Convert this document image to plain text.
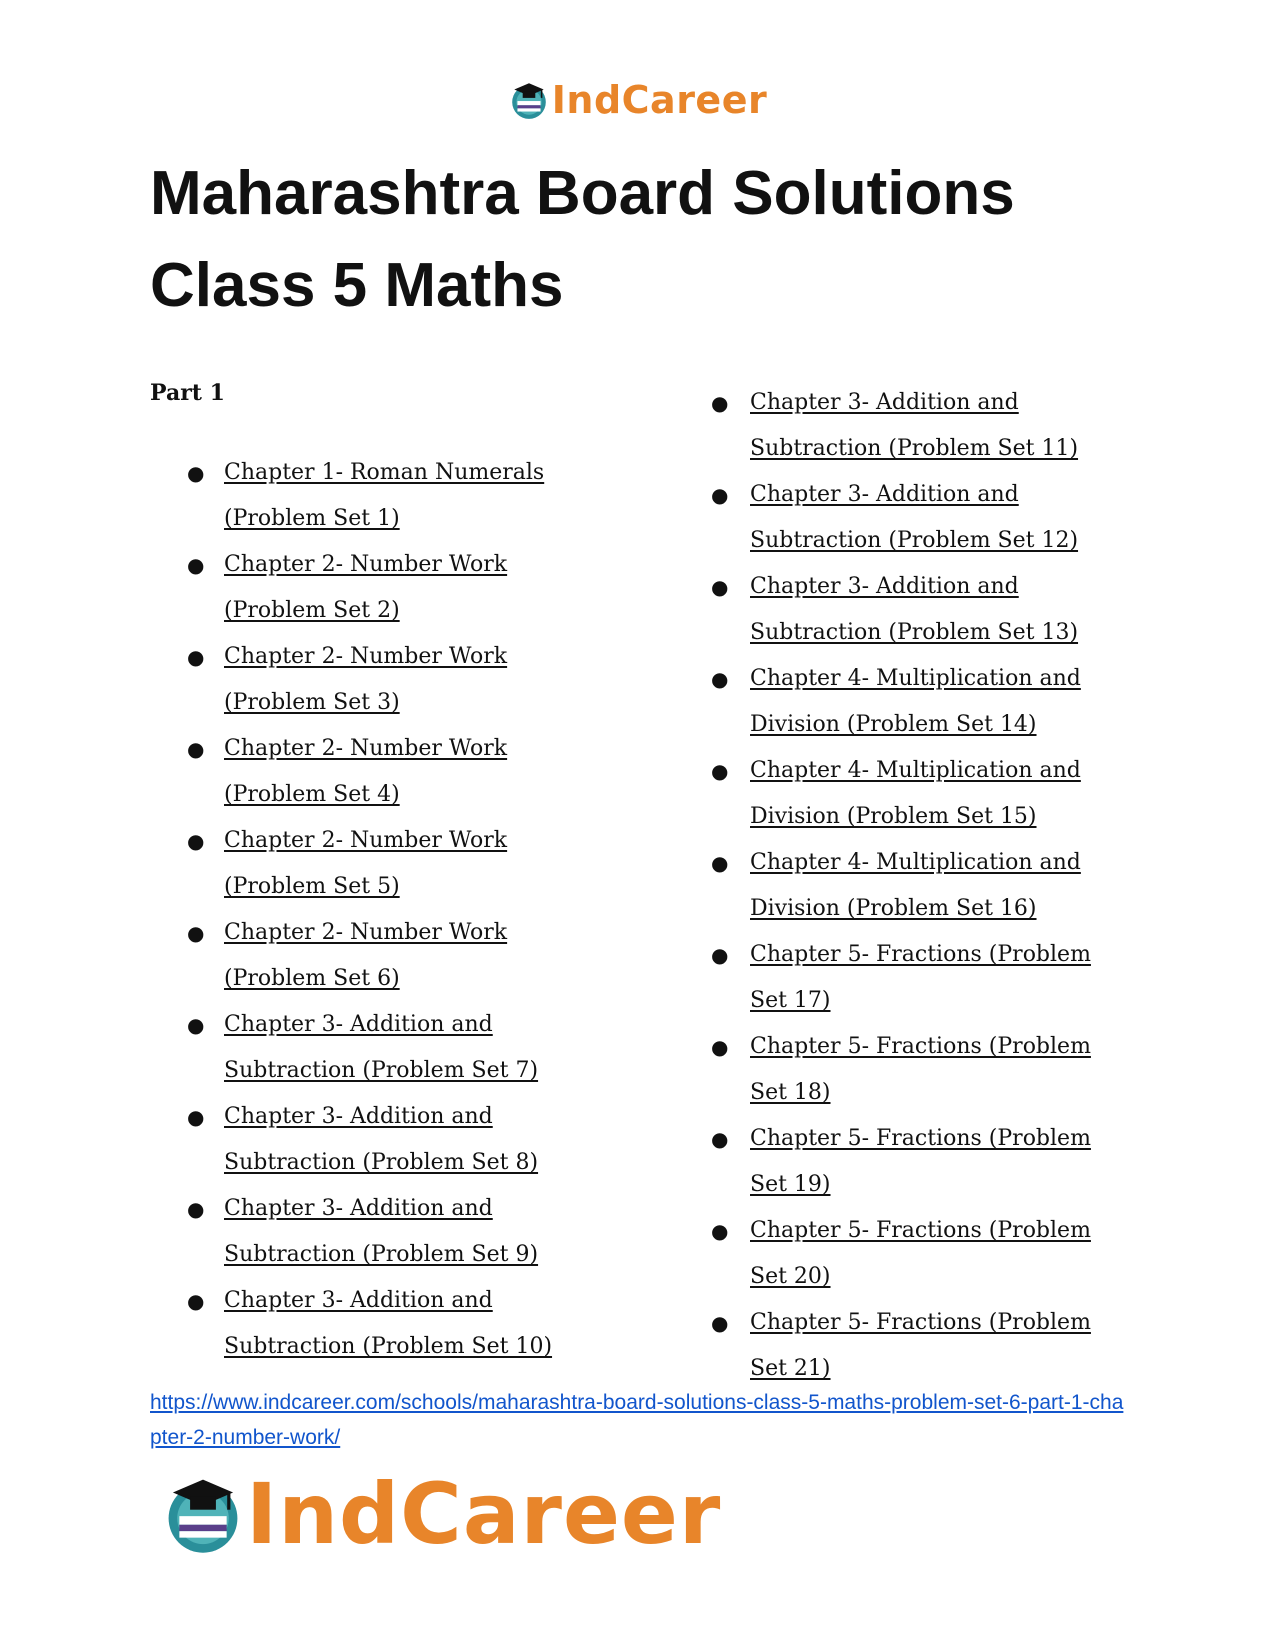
IndCareer
Maharashtra Board Solutions
Class 5 Maths
Part 1
● Chapter 1- Roman Numerals (Problem Set 1)
● Chapter 2- Number Work (Problem Set 2)
● Chapter 2- Number Work (Problem Set 3)
● Chapter 2- Number Work (Problem Set 4)
● Chapter 2- Number Work (Problem Set 5)
● Chapter 2- Number Work (Problem Set 6)
● Chapter 3- Addition and Subtraction (Problem Set 7)
● Chapter 3- Addition and Subtraction (Problem Set 8)
● Chapter 3- Addition and Subtraction (Problem Set 9)
● Chapter 3- Addition and Subtraction (Problem Set 10)
● Chapter 3- Addition and Subtraction (Problem Set 11)
● Chapter 3- Addition and Subtraction (Problem Set 12)
● Chapter 3- Addition and Subtraction (Problem Set 13)
● Chapter 4- Multiplication and Division (Problem Set 14)
● Chapter 4- Multiplication and Division (Problem Set 15)
● Chapter 4- Multiplication and Division (Problem Set 16)
● Chapter 5- Fractions (Problem Set 17)
● Chapter 5- Fractions (Problem Set 18)
● Chapter 5- Fractions (Problem Set 19)
● Chapter 5- Fractions (Problem Set 20)
● Chapter 5- Fractions (Problem Set 21)
https://www.indcareer.com/schools/maharashtra-board-solutions-class-5-maths-problem-set-6-part-1-chapter-2-number-work/
IndCareer
